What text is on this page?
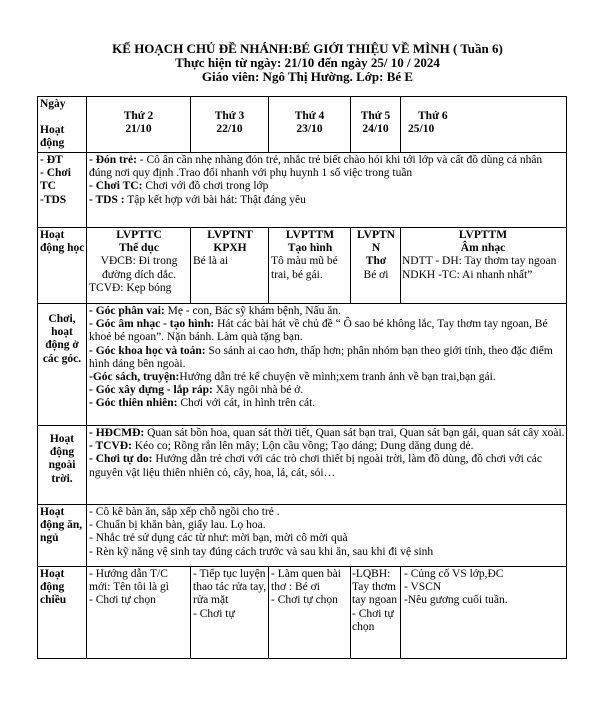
KẾ HOẠCH CHỦ ĐỀ NHÁNH:BÉ GIỚI THIỆU VỀ MÌNH ( Tuần 6)
Thực hiện từ ngày: 21/10 đến ngày 25/ 10 / 2024
Giáo viên: Ngô Thị Hường. Lớp: Bé E
Ngày
Hoạt động

Thứ 2

21/10

Thứ 3

22/10

Thứ 4

23/10

Thứ 5

24/10

Thứ 6

25/10

- ĐT

- Chơi TC

-TDS

- Đón trẻ: - Cô ân cần nhẹ nhàng đón trẻ, nhắc trẻ biết chào hỏi khi tới lớp và cất đồ dùng cá nhân đúng nơi quy định .Trao đổi nhanh với phụ huynh 1 số việc trong tuần

- Chơi TC: Chơi với đồ chơi trong lớp

- TDS : Tập kết hợp với bài hát: Thật đáng yêu

Hoạt động học

LVPTTC

Thể dục

VĐCB: Đi trong đường dích dắc.

TCVĐ: Kẹp bóng

LVPTNT

KPXH

Bé là ai

LVPTTM

Tạo hình

Tô màu mũ bé trai, bé gái.

LVPTN

N

Thơ

Bé ơi

LVPTTM

Âm nhạc

NDTT - DH: Tay thơm tay ngoan

NDKH -TC: Ai nhanh nhất”

Chơi, hoạt động ở các góc.

- Góc phân vai: Mẹ - con, Bác sỹ khám bệnh, Nấu ăn.

- Góc âm nhạc - tạo hình: Hát các bài hát về chủ đề “ Ô sao bé không lắc, Tay thơm tay ngoan, Bé khoẻ bé ngoan”. Nặn bánh. Làm quà tặng bạn.

- Góc khoa học và toán: So sánh ai cao hơn, thấp hơn; phân nhóm bạn theo giới tính, theo đặc điểm hình dáng bên ngoài.

-Góc sách, truyện:Hướng dẫn trẻ kể chuyện về mình;xem tranh ảnh về bạn trai,bạn gái.

- Góc xây dựng - lắp ráp: Xây ngôi nhà bé ở.

- Góc thiên nhiên: Chơi với cát, in hình trên cát.

Hoạt động ngoài trời.

- HĐCMĐ: Quan sát bồn hoa, quan sát thời tiết, Quan sát bạn trai, Quan sát bạn gái, quan sát cây xoài.

- TCVĐ: Kéo co; Rồng rắn lên mây; Lộn cầu vồng; Tạo dáng; Dung dăng dung dẻ.

- Chơi tự do: Hướng dẫn trẻ chơi với các trò chơi thiết bị ngoài trời, làm đồ dùng, đồ chơi với các nguyên vật liệu thiên nhiên cỏ, cây, hoa, lá, cát, sỏi…

Hoạt động ăn, ngủ

- Cô kê bàn ăn, sắp xếp chỗ ngồi cho trẻ .

- Chuẩn bị khăn bàn, giấy lau. Lọ hoa.

- Nhắc trẻ sử dụng các từ như: mời bạn, mời cô mời quà

- Rèn kỹ năng vệ sinh tay đúng cách trước và sau khi ăn, sau khi đi vệ sinh

Hoạt động chiều

- Hướng dẫn T/C mới: Tên tôi là gì

- Chơi tự chọn

- Tiếp tục luyện thao tác rửa tay, rửa mặt

- Chơi tự

- Làm quen bài thơ : Bé ơi

- Chơi tự chọn

-LQBH: Tay thơm tay ngoan

- Chơi tự chọn

- Củng cố VS lớp,ĐC

- VSCN

-Nêu gương cuối tuần.
